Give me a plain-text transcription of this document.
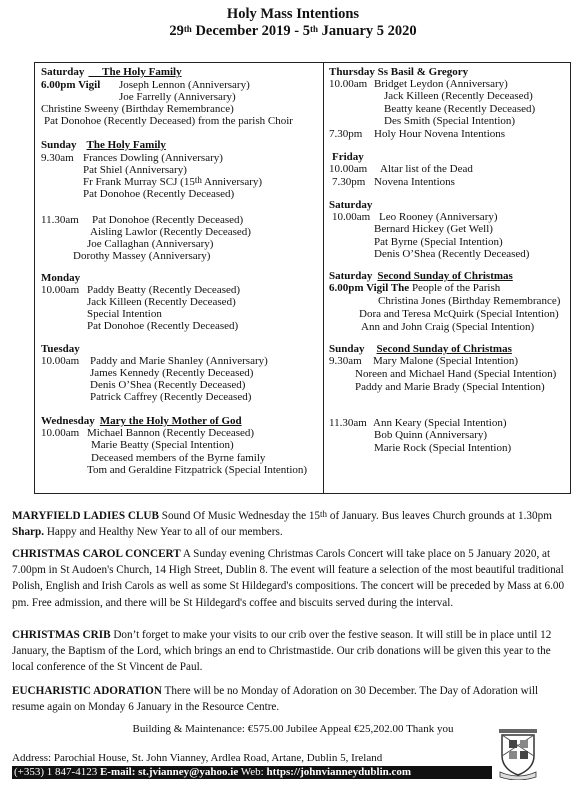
Holy Mass Intentions
29th December 2019 - 5th January 5 2020
Saturday The Holy Family
6.00pm Vigil Joseph Lennon (Anniversary)
Joe Farrelly (Anniversary)
Christine Sweeny (Birthday Remembrance)
Pat Donohoe (Recently Deceased) from the parish Choir
Sunday The Holy Family
9.30am Frances Dowling (Anniversary)
Pat Shiel (Anniversary)
Fr Frank Murray SCJ (15th Anniversary)
Pat Donohoe (Recently Deceased)
11.30am Pat Donohoe (Recently Deceased)
Aisling Lawlor (Recently Deceased)
Joe Callaghan (Anniversary)
Dorothy Massey (Anniversary)
Monday
10.00am Paddy Beatty (Recently Deceased)
Jack Killeen (Recently Deceased)
Special Intention
Pat Donohoe (Recently Deceased)
Tuesday
10.00am Paddy and Marie Shanley (Anniversary)
James Kennedy (Recently Deceased)
Denis O’Shea (Recently Deceased)
Patrick Caffrey (Recently Deceased)
Wednesday Mary the Holy Mother of God
10.00am Michael Bannon (Recently Deceased)
Marie Beatty (Special Intention)
Deceased members of the Byrne family
Tom and Geraldine Fitzpatrick (Special Intention)
Thursday Ss Basil & Gregory
10.00am Bridget Leydon (Anniversary)
Jack Killeen (Recently Deceased)
Beatty keane (Recently Deceased)
Des Smith (Special Intention)
7.30pm Holy Hour Novena Intentions
Friday
10.00am Altar list of the Dead
7.30pm Novena Intentions
Saturday
10.00am Leo Rooney (Anniversary)
Bernard Hickey (Get Well)
Pat Byrne (Special Intention)
Denis O’Shea (Recently Deceased)
Saturday Second Sunday of Christmas
6.00pm Vigil The People of the Parish
Christina Jones (Birthday Remembrance)
Dora and Teresa McQuirk (Special Intention)
Ann and John Craig (Special Intention)
Sunday Second Sunday of Christmas
9.30am Mary Malone (Special Intention)
Noreen and Michael Hand (Special Intention)
Paddy and Marie Brady (Special Intention)
11.30am Ann Keary (Special Intention)
Bob Quinn (Anniversary)
Marie Rock (Special Intention)
MARYFIELD LADIES CLUB Sound Of Music Wednesday the 15th of January. Bus leaves Church grounds at 1.30pm Sharp. Happy and Healthy New Year to all of our members.
CHRISTMAS CAROL CONCERT A Sunday evening Christmas Carols Concert will take place on 5 January 2020, at 7.00pm in St Audoen's Church, 14 High Street, Dublin 8. The event will feature a selection of the most beautiful traditional Polish, English and Irish Carols as well as some St Hildegard's compositions. The concert will be preceded by Mass at 6.00 pm. Free admission, and there will be St Hildegard's coffee and biscuits served during the interval.
CHRISTMAS CRIB Don’t forget to make your visits to our crib over the festive season. It will still be in place until 12 January, the Baptism of the Lord, which brings an end to Christmastide. Our crib donations will be given this year to the local conference of the St Vincent de Paul.
EUCHARISTIC ADORATION There will be no Monday of Adoration on 30 December. The Day of Adoration will resume again on Monday 6 January in the Resource Centre.
Building & Maintenance: €575.00 Jubilee Appeal €25,202.00 Thank you
Address: Parochial House, St. John Vianney, Ardlea Road, Artane, Dublin 5, Ireland
(+353) 1 847-4123 E-mail: st.jvianney@yahoo.ie Web: https://johnvianneydublin.com
